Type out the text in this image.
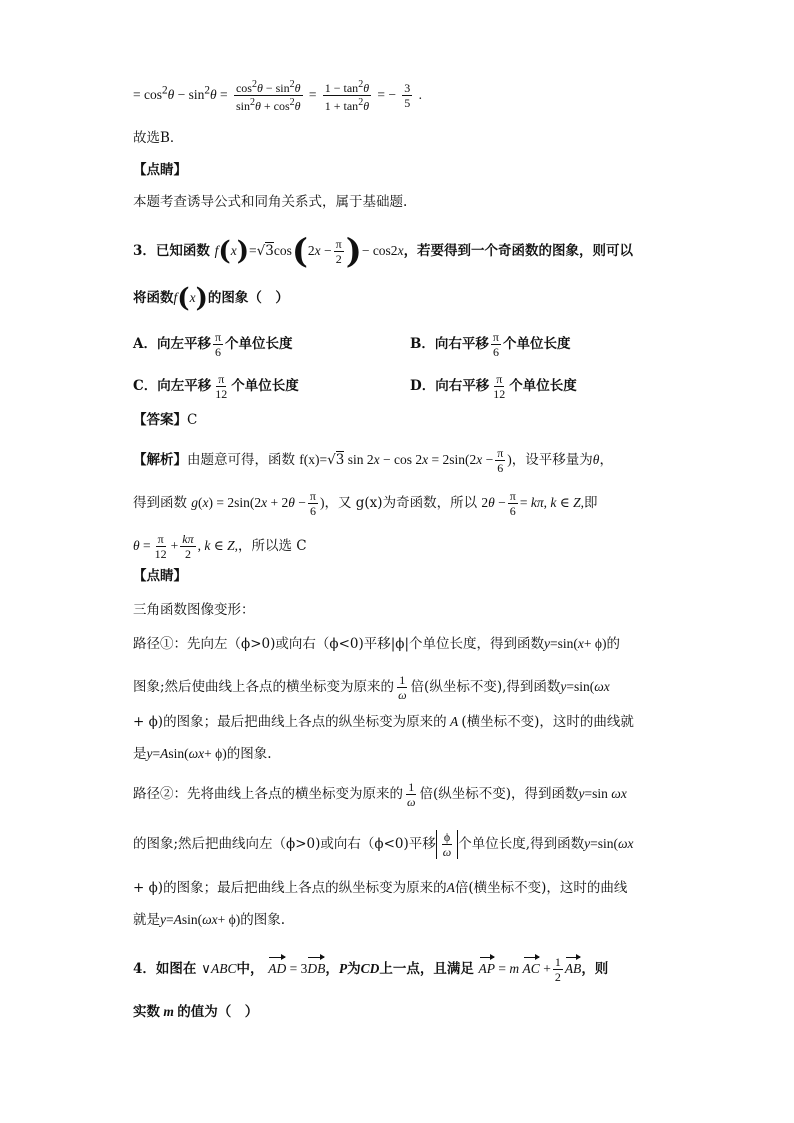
= $\cos^2\theta - \sin^2\theta = \frac{\cos^2\theta - \sin^2\theta}{\sin^2\theta + \cos^2\theta} = \frac{1 - \tan^2\theta}{1 + \tan^2\theta}$ = − $\frac{3}{5}$ .
故选B．
【点睛】
本题考查诱导公式和同角关系式，属于基础题.
3．已知函数 $f(x)=√3\cos(2x - \frac{\pi}{2}$ )− cos2x，若要得到一个奇函数的图象，则可以
将函数f(x)的图象（　）
A．向左平移 $\frac{\pi}{6}$ 个单位长度	B．向右平移 $\frac{\pi}{6}$ 个单位长度
C．向左平移 $\frac{\pi}{12}$ 个单位长度	D．向右平移 $\frac{\pi}{12}$ 个单位长度
【答案】C
【解析】由题意可得，函数 f(x)=√3 $\sin 2x - \cos 2x = 2\sin(2x - \frac{\pi}{6}$ )，设平移量为θ，
得到函数 $g(x) = 2\sin(2x + 2\theta - \frac{\pi}{6}$ )，又 g(x)为奇函数，所以 $2\theta - \frac{\pi}{6} = k\pi$, k ∈ Z,即
$\theta = \frac{\pi}{12} + \frac{k\pi}{2}$ , k ∈ Z,，所以选 C
【点睛】
三角函数图像变形：
路径①：先向左（ϕ>0)或向右（ϕ<0)平移|ϕ|个单位长度，得到函数y=sin(x+ ϕ)的
图象;然后使曲线上各点的横坐标变为原来的 $\frac{1}{\omega}$ 倍(纵坐标不变),得到函数y=sin(ωx
+ ϕ)的图象；最后把曲线上各点的纵坐标变为原来的 A (横坐标不变)，这时的曲线就
是y=Asin(ωx+ ϕ)的图象.
路径②：先将曲线上各点的横坐标变为原来的 $\frac{1}{\omega}$ 倍(纵坐标不变)，得到函数y=sin ωx
的图象;然后把曲线向左（ϕ>0)或向右（ϕ<0)平移 $\frac{\phi}{\omega}$ 个单位长度,得到函数y=sin(ωx
+ ϕ)的图象；最后把曲线上各点的纵坐标变为原来的A倍(横坐标不变)，这时的曲线
就是y=Asin(ωx+ ϕ)的图象.
4．如图在 ∨ABC中， AD = 3DB，P为CD上一点，且满足 AP = m AC + $\frac{1}{2}$ AB，则
实数 m 的值为（　）
